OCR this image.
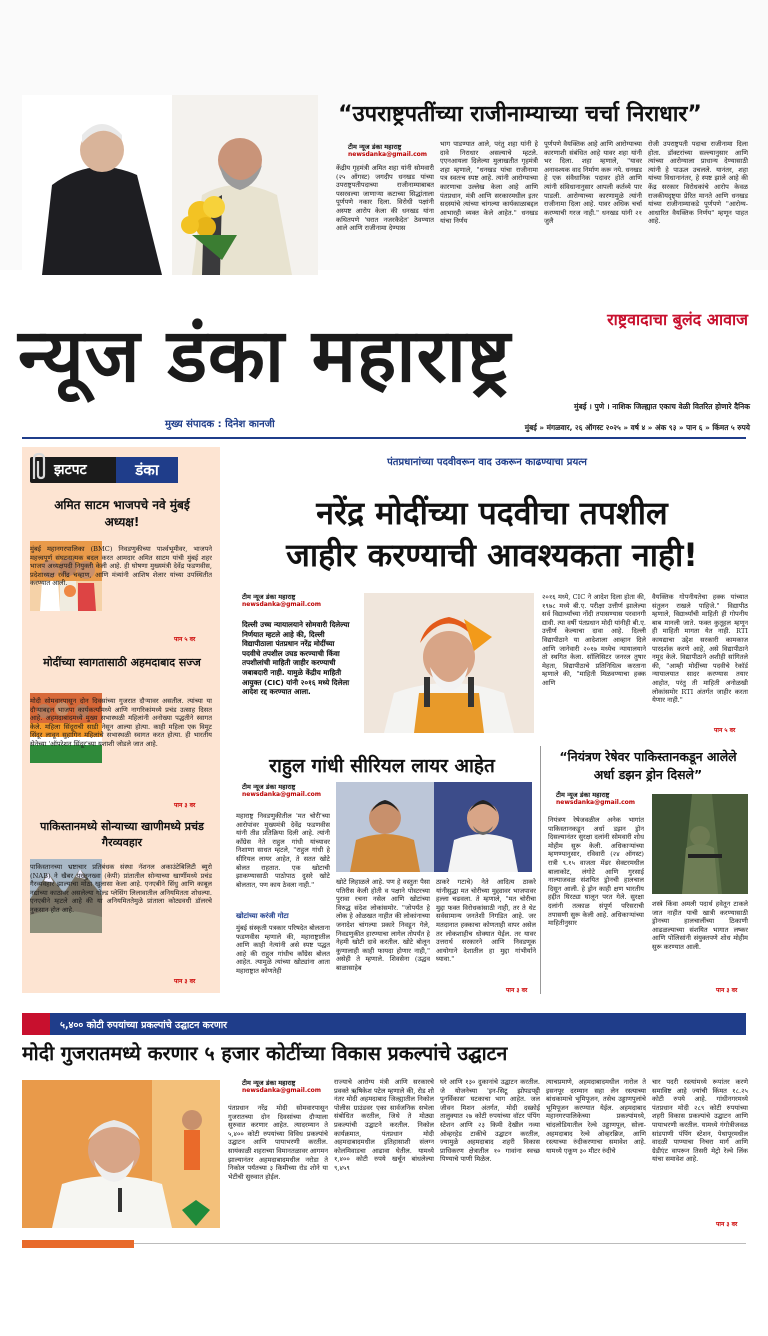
“उपराष्ट्रपतींच्या राजीनाम्याच्या चर्चा निराधार”
टीम न्यूज डंका महाराष्ट्र
newsdanka@gmail.com
केंद्रीय गृहमंत्री अमित शहा यांनी सोमवारी (२५ ऑगस्ट) जगदीप धनखड यांच्या उपराष्ट्रपतीपदाच्या राजीनाम्याबाबत पसरवल्या जाणाऱ्या कटाच्या सिद्धांताला पूर्णपणे नकार दिला. विरोधी पक्षांनी अस्पष्ट आरोप केला की धनखड यांना कथितपणे 'घरात नजरकैदेत' ठेवण्यात आले आणि राजीनामा देण्यास
भाग पाडण्यात आले, परंतु शहा यांनी हे दावे निराधार असल्याचे म्हटले. एएनआयला दिलेल्या मुलाखतीत गृहमंत्री शहा म्हणाले, "धनखड यांचा राजीनामा पत्र स्वतःच स्पष्ट आहे. त्यांनी आरोग्याच्या कारणाचा उल्लेख केला आहे आणि पंतप्रधान, मंत्री आणि सरकारमधील इतर सदस्यांचे त्यांच्या चांगल्या कार्यकाळाबद्दल आभारही व्यक्त केले आहेत." धनखड यांचा निर्णय
पूर्णपणे वैयक्तिक आहे आणि आरोग्याच्या कारणाशी संबंधित आहे यावर शहा यांनी भर दिला. शहा म्हणाले, "यावर अनावश्यक वाद निर्माण करू नये. धनखड हे एक संवैधानिक पदावर होते आणि त्यांनी संविधानानुसार आपली कर्तव्ये पार पाडली. आरोग्याच्या कारणामुळे त्यांनी राजीनामा दिला आहे. यावर अधिक चर्चा करण्याची गरज नाही." धनखड यांनी २१ जुलै
रोजी उपराष्ट्रपती पदाचा राजीनामा दिला होता. डॉक्टरांच्या सल्ल्यानुसार आणि त्यांच्या आरोग्याला प्राधान्य देण्यासाठी त्यांनी हे पाऊल उचलले. यानंतर, शहा यांच्या विधानानंतर, हे स्पष्ट झाले आहे की केंद्र सरकार विरोधकांचे आरोप केवळ राजकीयदृष्ट्या प्रेरित मानते आणि धनखड यांच्या राजीनाम्याकडे पूर्णपणे "आरोग्य-आधारित वैयक्तिक निर्णय" म्हणून पाहत आहे.
राष्ट्रवादाचा बुलंद आवाज
न्यूज डंका महाराष्ट्र
मुंबई । पुणे । नाशिक जिल्ह्यात एकाच वेळी वितरित होणारे दैनिक
मुख्य संपादक : दिनेश कानजी	मुंबई » मंगळवार, २६ ऑगस्ट २०२५ » वर्ष ४ » अंक ९३ » पान ६ » किंमत ५ रुपये
झटपट	डंका
अमित साटम भाजपचे नवे मुंबई अध्यक्ष!
मुंबई महानगरपालिका (BMC) निवडणुकीच्या पार्श्वभूमीवर, भाजपने महत्त्वपूर्ण संघटनात्मक बदल करत आमदार अमित साटम यांची मुंबई शहर भाजप अध्यक्षपदी नियुक्ती केली आहे. ही घोषणा मुख्यमंत्री देवेंद्र फडणवीस, प्रदेशाध्यक्ष रवींद्र चव्हाण, आणि मंत्र्यांनी आशिष शेलार यांच्या उपस्थितीत करण्यात आली.
पान ५ वर
मोदींच्या स्वागतासाठी अहमदाबाद सज्ज
मोदी सोमवारपासून दोन दिवसांच्या गुजरात दौऱ्यावर असतील. त्यांच्या या दौऱ्याबद्दल भाजपा कार्यकर्त्यांमध्ये आणि नागरिकांमध्ये प्रचंड उत्साह दिसत आहे. अहमदाबादमध्ये मुख्य सभास्थळी महिलांनी अनोख्या पद्धतीने स्वागत केले. महिला सिंदूराची साडी नेसून आल्या होत्या. काही महिला एक विमूट सिंदूर लावून सुहागिन महिलांचे सभास्थळी स्वागत करत होत्या. ही भारतीय सेनेच्या 'ऑपरेशन सिंदूर'च्या यशाशी जोडले जात आहे.
पान ३ वर
पाकिस्तानमध्ये सोन्याच्या खाणीमध्ये प्रचंड गैरव्यवहार
पाकिस्तानच्या भ्रष्टाचार प्रतिबंधक संस्था नॅशनल अकाउंटेबिलिटी ब्युरो (NAB) ने खैबर पख्तुनख्वा (केपी) प्रांतातील सोन्याच्या खाणींमध्ये प्रचंड गैरव्यवहार झाल्याचा मोठा खुलासा केला आहे. एनएबीने सिंधु आणि काबूल नद्यांच्या काठावर असलेल्या गोल्ड प्लेसिंग लिलावातील अनियमितता शोधल्या. एनएबीने म्हटले आहे की या अनियमिततेमुळे प्रांताला कोट्यवधी डॉलरचे नुकसान होत आहे.
पान ३ वर
पंतप्रधानांच्या पदवीवरून वाद उकरून काढण्याचा प्रयत्न
नरेंद्र मोदींच्या पदवीचा तपशील
जाहीर करण्याची आवश्यकता नाही!
टीम न्यूज डंका महाराष्ट्र
newsdanka@gmail.com
दिल्ली उच्च न्यायालयाने सोमवारी दिलेल्या निर्णयात म्हटले आहे की, दिल्ली विद्यापीठाला पंतप्रधान नरेंद्र मोदींच्या पदवीचे तपशील उघड करण्याची किंवा तपशीलांची माहिती जाहीर करण्याची जबाबदारी नाही. यामुळे केंद्रीय माहिती आयुक्त (CIC) यांनी २०१६ मध्ये दिलेला आदेश रद्द करण्यात आला.
२०१६ मध्ये, CIC ने आदेश दिला होता की, १९७८ मध्ये बी.ए. परीक्षा उत्तीर्ण झालेल्या सर्व विद्यार्थ्यांच्या नोंदी तपासण्यास परवानगी द्यावी. त्या वर्षी पंतप्रधान मोदी यांनीही बी.ए. उत्तीर्ण केल्याचा दावा आहे. दिल्ली विद्यापीठाने या आदेशाला आव्हान दिले आणि जानेवारी २०१७ मध्येच न्यायालयाने तो स्थगित केला. सॉलिसिटर जनरल तुषार मेहता, विद्यापीठाचे प्रतिनिधित्व करताना म्हणाले की, "माहिती मिळवण्याचा हक्क आणि
वैयक्तिक गोपनीयतेचा हक्क यांच्यात संतुलन राखले पाहिजे." विद्यापीठ म्हणाले, विद्यार्थ्यांची माहिती ही गोपनीय बाब मानली जाते. फक्त कुतूहल म्हणून ही माहिती मागता येत नाही. RTI कायद्याचा उद्देश सरकारी कामकाज पारदर्शक करणे आहे, असे विद्यापीठाने नमूद केले. विद्यापीठाने अशीही सांगितले की, "आम्ही मोदींच्या पदवीचे रेकॉर्ड न्यायालयात सादर करण्यास तयार आहोत, परंतु ती माहिती अनोळखी लोकांसमोर RTI अंतर्गत जाहीर करता येणार नाही."
पान ५ वर
राहुल गांधी सीरियल लायर आहेत
टीम न्यूज डंका महाराष्ट्र
newsdanka@gmail.com
महाराष्ट्र निवडणुकीतील 'मत चोरी'च्या आरोपांवर मुख्यमंत्री देवेंद्र फडणवीस यांनी तीव्र प्रतिक्रिया दिली आहे. त्यांनी काँग्रेस नेते राहुल गांधी यांच्यावर निशाणा साधत म्हटले, "राहुल गांधी हे सीरियल लायर आहेत, ते सतत खोटे बोलत राहतात. एक खोटाची झाकण्यासाठी पाठोपाठ दुसरे खोटे बोलतात, पण काय ठेवला नाही."
खोटांच्या करंजी गोटा
मुंबई संस्कृती पत्रकार परिषदेत बोलताना फडणवीस म्हणाले की, महाराष्ट्रातील आणि काही नेत्यांनी असे स्पष्ट पद्धत आहे की राहुल गांधीच काँग्रेस बोलत आहेत. त्यामुळे त्यांच्या खोट्यांना आता महाराष्ट्रात कोणतेही
खोटे लिहाळले आहे. पण हे वस्तुतः पैसा पतिरीस केली होती व पक्षाने पोस्टरच्या पुरावा रचना नसेल आणि खोटांच्या विरुद्ध संदेश लोकांसमोर. "जोपर्यंत हे लोक हे ओळखत नाहीत की लोकांनाच्या जनादेश चांगल्या प्रकारे निवडून गेले, निवडणुकीत हारण्याचा लागेल तोपर्यंत हे नेहमी खोटी दावे करतील. खोटे बोलून कुणालाही काही फायदा होणार नाही," असेही ते म्हणाले. शिवसेना (उद्धव बाळासाहेब
ठाकरे गटाचे) नेते आदित्य ठाकरे यांनीसुद्धा मत चोरीच्या मुद्द्यावर भाजपावर हल्ला चढवला. ते म्हणाले, "मत चोरीचा मुद्दा फक्त विरोधकांसाठी नाही, तर ते थेट सर्वसामान्य जनतेशी निगडित आहे. जर मतदानात हक्काचा कोणताही वापर असेल तर लोकशाहीच धोक्यात येईल. तर यावर उत्तरार्थ सरकारने आणि निवडणूक आयोगाने देशातील हा मुद्दा गांभीर्याने घ्यावा."
पान ३ वर
“नियंत्रण रेषेवर पाकिस्तानकडून आलेले अर्धा डझन ड्रोन दिसले”
टीम न्यूज डंका महाराष्ट्र
newsdanka@gmail.com
नियंत्रण रेषेजवळील अनेक भागांत पाकिस्तानकडून अर्धा डझन ड्रोन दिसल्यानंतर सुरक्षा दलांनी सोमवारी शोध मोहीम सुरू केली. अधिकाऱ्यांच्या म्हणण्यानुसार, रविवारी (२४ ऑगस्ट) रात्री ९.१५ वाजता मेंढर सेक्टरमधील बालाकोट, लंगोटे आणि गुरसाई नाल्याजवळ संशयित ड्रोनची हालचाल दिसून आली. हे ड्रोन काही क्षण भारतीय हद्दीत घिरट्या घालून परत गेले. सुरक्षा दलांनी तत्काळ संपूर्ण परिसराची तपासणी सुरू केली आहे. अधिकाऱ्यांच्या माहितीनुसार
शस्त्रे किंवा अमली पदार्थ हवेतून टाकले जात नाहीत याची खात्री करण्यासाठी ड्रोनच्या हालचालींच्या ठिकाणी आढळल्याच्या संशयित भागात लष्कर आणि पोलिसांनी संयुक्तपणे शोध मोहीम सुरू करण्यात आली.
पान ३ वर
५,४०० कोटी रुपयांच्या प्रकल्पांचे उद्घाटन करणार
मोदी गुजरातमध्ये करणार ५ हजार कोटींच्या विकास प्रकल्पांचे उद्घाटन
टीम न्यूज डंका महाराष्ट्र
newsdanka@gmail.com
पंतप्रधान नरेंद्र मोदी सोमवारपासून गुजरातच्या दोन दिवसांच्या दौऱ्याला सुरुवात करणार आहेत. त्यादरम्यान ते ५,४०० कोटी रुपयांच्या विविध प्रकल्पांचे उद्घाटन आणि पायाभरणी करतील. सायंकाळी शहराच्या विमानतळावर आगमन झाल्यानंतर अहमदाबादमधील नरोडा ते निकोल पर्यंतच्या ३ किमीच्या रोड शोने या भेटीची सुरुवात होईल.
राज्याचे आरोग्य मंत्री आणि सरकारचे प्रवक्ते ऋषिकेश पटेल म्हणाले की, रोड शो नंतर मोदी अहमदाबाद जिल्ह्यातील निकोल पोलीस ग्राउंडवर एका सार्वजनिक सभेला संबोधित करतील, जिथे ते मोठ्या प्रकल्पांची उद्घाटने करतील. निकोल कार्यक्रमात, पंतप्रधान मोदी अहमदाबादमधील इतिहासाशी संलग्न कोलमिवाडचा आढावा घेतील. यामध्ये १,४०० कोटी रुपये खर्चून बांधलेल्या ९,४५९
घरे आणि १३० दुकानांचे उद्घाटन करतील. जे योजनेच्या 'इन-सिटू झोपडपट्टी पुनर्विकास' घटकाचा भाग आहेत. जल जीवन मिशन अंतर्गत, मोदी दस्क्रोई तालुक्यात २७ कोटी रुपयांच्या वॉटर पंपिंग स्टेशन आणि २३ किमी देखील नव्या ओव्हरहेड टाकीचे उद्घाटन करतील, ज्यामुळे अहमदाबाद शहरी विकास प्राधिकरण क्षेत्रातील १० गावांना स्वच्छ पिण्याचे पाणी मिळेल.
त्याचप्रमाणे, अहमदाबादमधील नारोल ते इसनपूर दरम्यान सहा लेन रस्त्याच्या बांधकामाचे भूमिपूजन, तसेच उड्डाणपुलांचे भूमिपूजन करण्यात येईल. अहमदाबाद महानगरपालिकेच्या प्रकल्पांमध्ये, चांदलोडियातील रेल्वे उड्डाणपूल, सोला-अहमदाबाद रेल्वे ओव्हरब्रिज, आणि रस्त्याच्या रुंदीकरणाचा समावेश आहे. यामध्ये एकूण ३० मीटर रुंदीचे
चार पदरी रस्त्यांमध्ये रूपांतर करणे समाविष्ट आहे ज्यांची किंमत १८.२५ कोटी रुपये आहे. गांधीनगरमध्ये पंतप्रधान मोदी २८९ कोटी रुपयांच्या शहरी विकास प्रकल्पांचे उद्घाटन आणि पायाभरणी करतील. यामध्ये गंगोत्रीजवळ सांडपाणी पंपिंग स्टेशन, पेथापूरमधील वादळी पाण्याचा निचरा मार्ग आणि ग्रेडीएंट वापरून तिसरी मेट्रो रेल्वे लिंक यांचा समावेश आहे.
पान ३ वर
